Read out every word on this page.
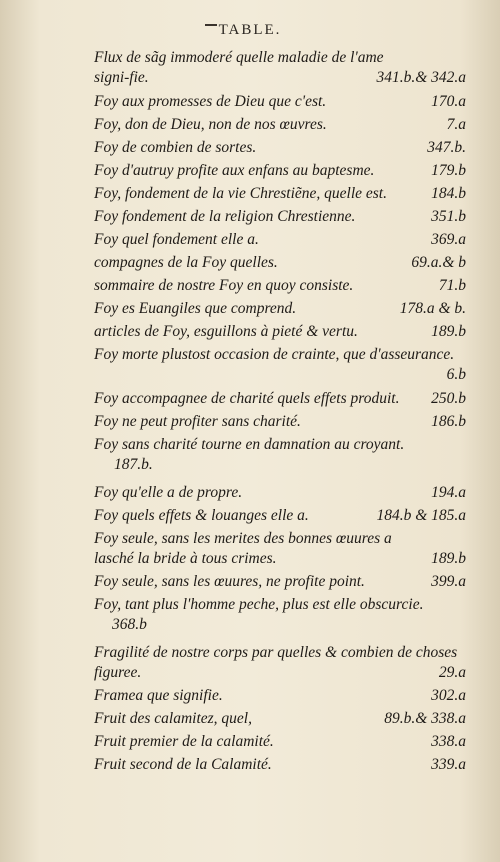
TABLE.
Flux de sãg immoderé quelle maladie de l'ame signi-fie.	341.b.& 342.a
Foy aux promesses de Dieu que c'est.	170.a
Foy, don de Dieu, non de nos œuvres.	7.a
Foy de combien de sortes.	347.b.
Foy d'autruy profite aux enfans au baptesme.	179.b
Foy, fondement de la vie Chrestiẽne, quelle est.	184.b
Foy fondement de la religion Chrestienne.	351.b
Foy quel fondement elle a.	369.a
compagnes de la Foy quelles.	69.a.& b
sommaire de nostre Foy en quoy consiste.	71.b
Foy es Euangiles que comprend.	178.a & b.
articles de Foy, esguillons à pieté & vertu.	189.b
Foy morte plustost occasion de crainte, que d'asseurance.
6.b
Foy accompagnee de charité quels effets produit.	250.b
Foy ne peut profiter sans charité.	186.b
Foy sans charité tourne en damnation au croyant.
187.b.
Foy qu'elle a de propre.	194.a
Foy quels effets & louanges elle a.	184.b & 185.a
Foy seule, sans les merites des bonnes œuures a lasché la bride à tous crimes.	189.b
Foy seule, sans les œuures, ne profite point.	399.a
Foy, tant plus l'homme peche, plus est elle obscurcie.
368.b
Fragilité de nostre corps par quelles & combien de choses figuree.	29.a
Framea que signifie.	302.a
Fruit des calamitez, quel,	89.b.& 338.a
Fruit premier de la calamité.	338.a
Fruit second de la Calamité.	339.a
